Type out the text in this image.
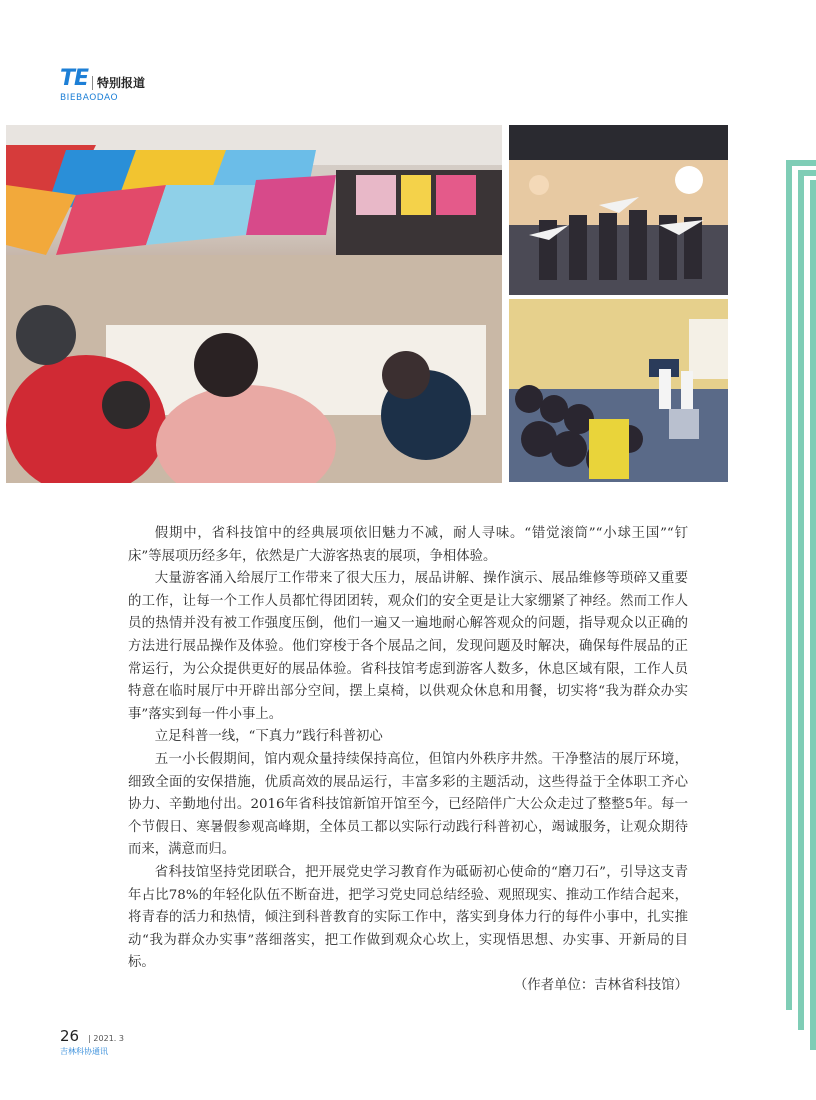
TE 特别报道
BIEBAODAO

假期中，省科技馆中的经典展项依旧魅力不减，耐人寻味。“错觉滚筒”“小球王国”“钉床”等展项历经多年，依然是广大游客热衷的展项，争相体验。

大量游客涌入给展厅工作带来了很大压力，展品讲解、操作演示、展品维修等琐碎又重要的工作，让每一个工作人员都忙得团团转，观众们的安全更是让大家绷紧了神经。然而工作人员的热情并没有被工作强度压倒，他们一遍又一遍地耐心解答观众的问题，指导观众以正确的方法进行展品操作及体验。他们穿梭于各个展品之间，发现问题及时解决，确保每件展品的正常运行，为公众提供更好的展品体验。省科技馆考虑到游客人数多，休息区域有限，工作人员特意在临时展厅中开辟出部分空间，摆上桌椅，以供观众休息和用餐，切实将“我为群众办实事”落实到每一件小事上。

立足科普一线，“下真力”践行科普初心

五一小长假期间，馆内观众量持续保持高位，但馆内外秩序井然。干净整洁的展厅环境，细致全面的安保措施，优质高效的展品运行，丰富多彩的主题活动，这些得益于全体职工齐心协力、辛勤地付出。2016年省科技馆新馆开馆至今，已经陪伴广大公众走过了整整5年。每一个节假日、寒暑假参观高峰期，全体员工都以实际行动践行科普初心，竭诚服务，让观众期待而来，满意而归。

省科技馆坚持党团联合，把开展党史学习教育作为砥砺初心使命的“磨刀石”，引导这支青年占比78%的年轻化队伍不断奋进，把学习党史同总结经验、观照现实、推动工作结合起来，将青春的活力和热情，倾注到科普教育的实际工作中，落实到身体力行的每件小事中，扎实推动“我为群众办实事”落细落实，把工作做到观众心坎上，实现悟思想、办实事、开新局的目标。

（作者单位：吉林省科技馆）

26 | 2021. 3
吉林科协通讯
